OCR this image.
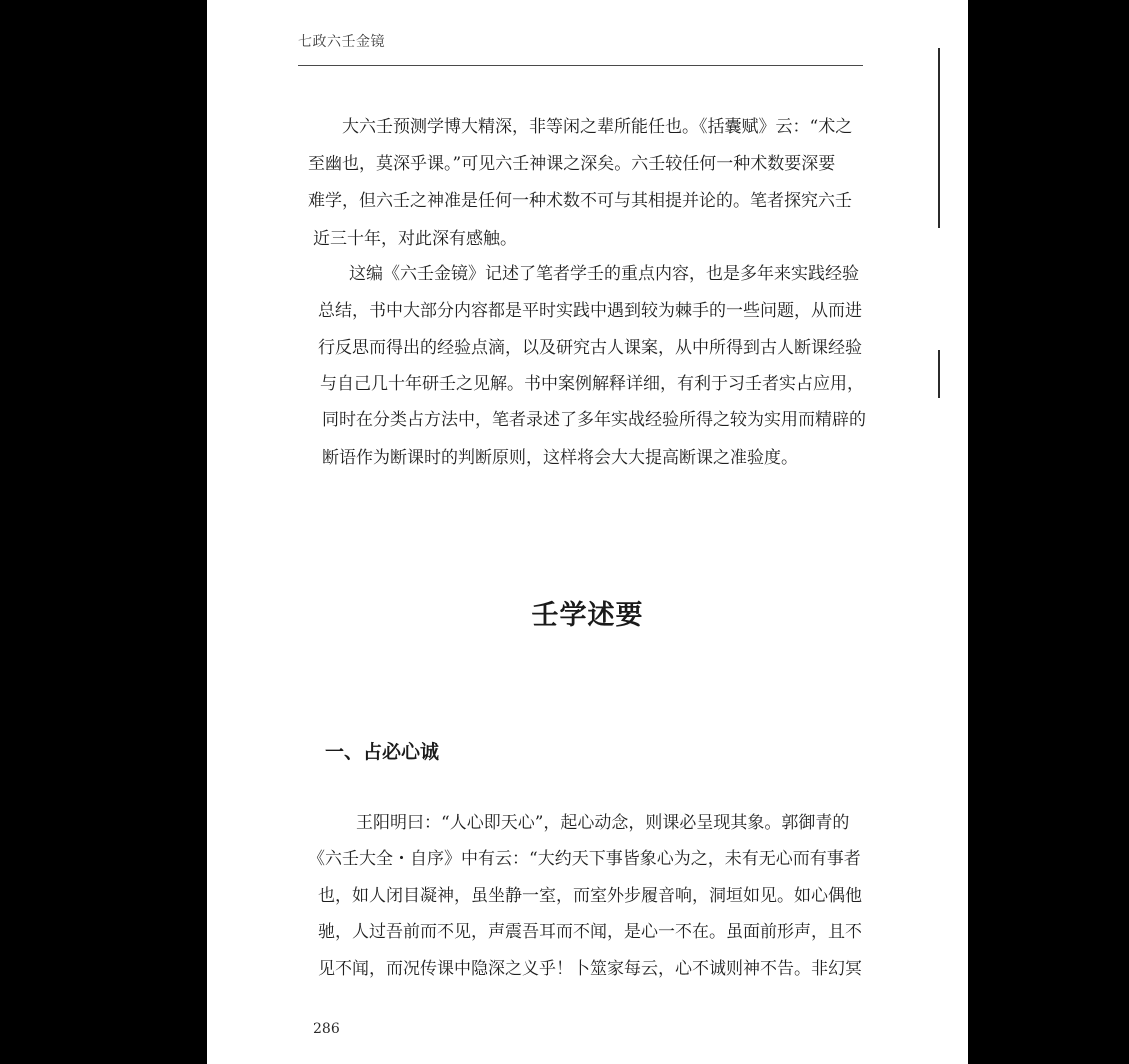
七政六壬金镜

大六壬预测学博大精深，非等闲之辈所能任也。《括囊赋》云：“术之

至幽也，莫深乎课。”可见六壬神课之深矣。六壬较任何一种术数要深要

难学，但六壬之神准是任何一种术数不可与其相提并论的。笔者探究六壬

近三十年，对此深有感触。

这编《六壬金镜》记述了笔者学壬的重点内容，也是多年来实践经验

总结，书中大部分内容都是平时实践中遇到较为棘手的一些问题，从而进

行反思而得出的经验点滴，以及研究古人课案，从中所得到古人断课经验

与自己几十年研壬之见解。书中案例解释详细，有利于习壬者实占应用，

同时在分类占方法中，笔者录述了多年实战经验所得之较为实用而精辟的

断语作为断课时的判断原则，这样将会大大提高断课之准验度。

壬学述要
一、占必心诚

王阳明曰：“人心即天心”，起心动念，则课必呈现其象。郭御青的

《六壬大全・自序》中有云：“大约天下事皆象心为之，未有无心而有事者

也，如人闭目凝神，虽坐静一室，而室外步履音响，洞垣如见。如心偶他

驰，人过吾前而不见，声震吾耳而不闻，是心一不在。虽面前形声，且不

见不闻，而况传课中隐深之义乎！卜筮家每云，心不诚则神不告。非幻冥

286
